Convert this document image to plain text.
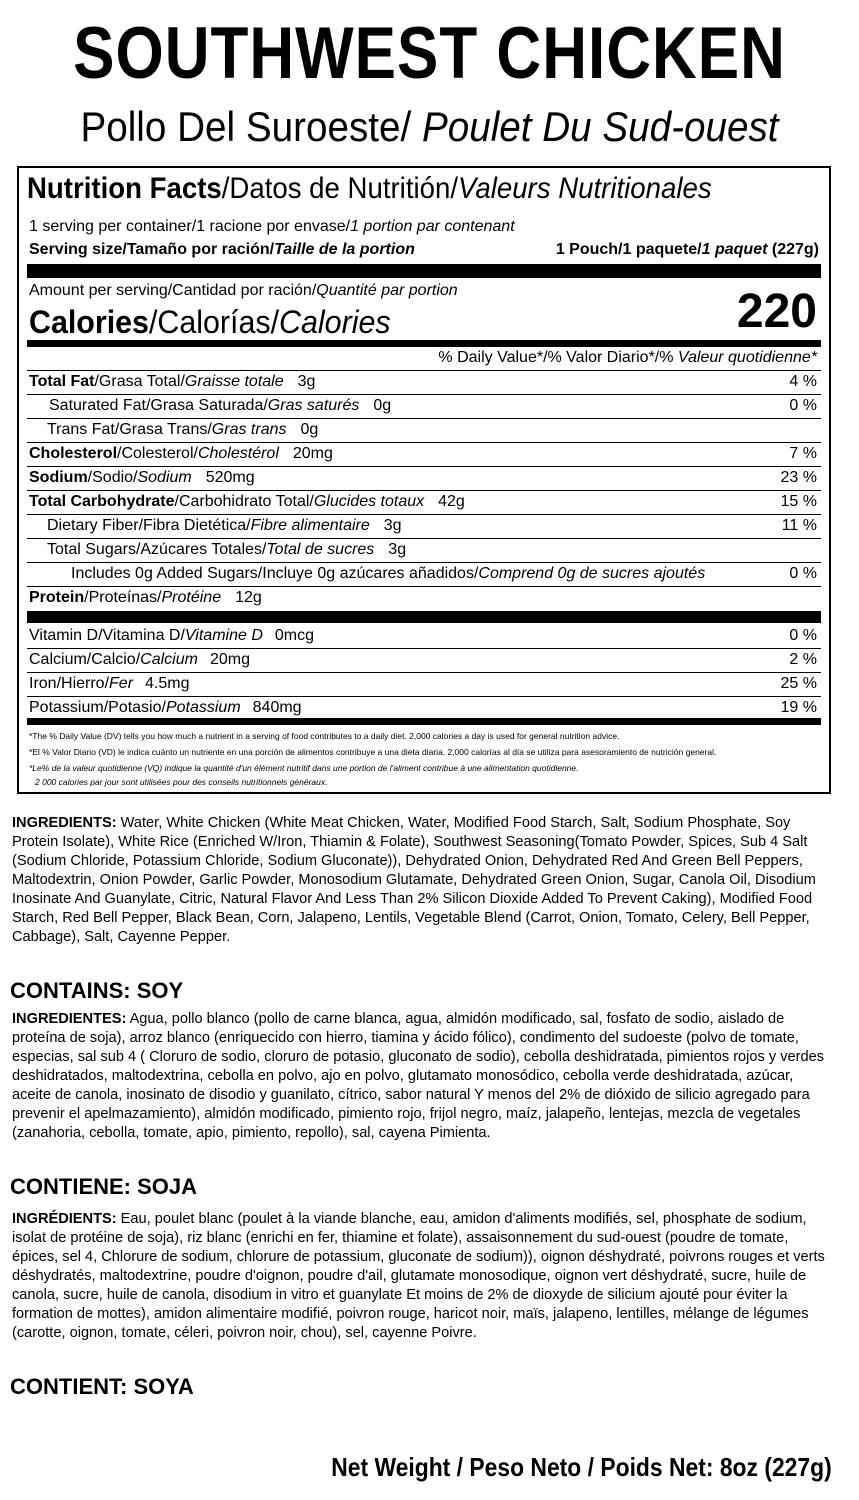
SOUTHWEST CHICKEN
Pollo Del Suroeste/ Poulet Du Sud-ouest
Nutrition Facts/Datos de Nutritión/Valeurs Nutritionales
1 serving per container/1 racione por envase/1 portion par contenant
Serving size/Tamaño por ración/Taille de la portion	1 Pouch/1 paquete/1 paquet (227g)
Amount per serving/Cantidad por ración/Quantité par portion
Calories/Calorías/Calories	220
% Daily Value*/% Valor Diario*/% Valeur quotidienne*
Total Fat/Grasa Total/Graisse totale 3g	4 %
Saturated Fat/Grasa Saturada/Gras saturés 0g	0 %
Trans Fat/Grasa Trans/Gras trans 0g
Cholesterol/Colesterol/Cholestérol 20mg	7 %
Sodium/Sodio/Sodium 520mg	23 %
Total Carbohydrate/Carbohidrato Total/Glucides totaux 42g	15 %
Dietary Fiber/Fibra Dietética/Fibre alimentaire 3g	11 %
Total Sugars/Azúcares Totales/Total de sucres 3g
Includes 0g Added Sugars/Incluye 0g azúcares añadidos/Comprend 0g de sucres ajoutés	0 %
Protein/Proteínas/Protéine 12g
Vitamin D/Vitamina D/Vitamine D 0mcg	0 %
Calcium/Calcio/Calcium 20mg	2 %
Iron/Hierro/Fer 4.5mg	25 %
Potassium/Potasio/Potassium 840mg	19 %
*The % Daily Value (DV) tells you how much a nutrient in a serving of food contributes to a daily diet. 2,000 calories a day is used for general nutrition advice.
*El % Valor Diario (VD) le indica cuánto un nutriente en una porción de alimentos contribuye a una dieta diaria. 2,000 calorías al día se utiliza para asesoramiento de nutrición general.
*Le% de la valeur quotidienne (VQ) indique la quantité d'un élément nutritif dans une portion de l'aliment contribue à une alimentation quotidienne.
2 000 calories par jour sont utilisées pour des conseils nutritionnels généraux.
INGREDIENTS: Water, White Chicken (White Meat Chicken, Water, Modified Food Starch, Salt, Sodium Phosphate, Soy Protein Isolate), White Rice (Enriched W/Iron, Thiamin & Folate), Southwest Seasoning(Tomato Powder, Spices, Sub 4 Salt (Sodium Chloride, Potassium Chloride, Sodium Gluconate)), Dehydrated Onion, Dehydrated Red And Green Bell Peppers, Maltodextrin, Onion Powder, Garlic Powder, Monosodium Glutamate, Dehydrated Green Onion, Sugar, Canola Oil, Disodium Inosinate And Guanylate, Citric, Natural Flavor And Less Than 2% Silicon Dioxide Added To Prevent Caking), Modified Food Starch, Red Bell Pepper, Black Bean, Corn, Jalapeno, Lentils, Vegetable Blend (Carrot, Onion, Tomato, Celery, Bell Pepper, Cabbage), Salt, Cayenne Pepper.
CONTAINS: SOY
INGREDIENTES: Agua, pollo blanco (pollo de carne blanca, agua, almidón modificado, sal, fosfato de sodio, aislado de proteína de soja), arroz blanco (enriquecido con hierro, tiamina y ácido fólico), condimento del sudoeste (polvo de tomate, especias, sal sub 4 ( Cloruro de sodio, cloruro de potasio, gluconato de sodio), cebolla deshidratada, pimientos rojos y verdes deshidratados, maltodextrina, cebolla en polvo, ajo en polvo, glutamato monosódico, cebolla verde deshidratada, azúcar, aceite de canola, inosinato de disodio y guanilato, cítrico, sabor natural Y menos del 2% de dióxido de silicio agregado para prevenir el apelmazamiento), almidón modificado, pimiento rojo, frijol negro, maíz, jalapeño, lentejas, mezcla de vegetales (zanahoria, cebolla, tomate, apio, pimiento, repollo), sal, cayena Pimienta.
CONTIENE: SOJA
INGRÉDIENTS: Eau, poulet blanc (poulet à la viande blanche, eau, amidon d'aliments modifiés, sel, phosphate de sodium, isolat de protéine de soja), riz blanc (enrichi en fer, thiamine et folate), assaisonnement du sud-ouest (poudre de tomate, épices, sel 4, Chlorure de sodium, chlorure de potassium, gluconate de sodium)), oignon déshydraté, poivrons rouges et verts déshydratés, maltodextrine, poudre d'oignon, poudre d'ail, glutamate monosodique, oignon vert déshydraté, sucre, huile de canola, sucre, huile de canola, disodium in vitro et guanylate Et moins de 2% de dioxyde de silicium ajouté pour éviter la formation de mottes), amidon alimentaire modifié, poivron rouge, haricot noir, maïs, jalapeno, lentilles, mélange de légumes (carotte, oignon, tomate, céleri, poivron noir, chou), sel, cayenne Poivre.
CONTIENT: SOYA
Net Weight / Peso Neto / Poids Net: 8oz (227g)
